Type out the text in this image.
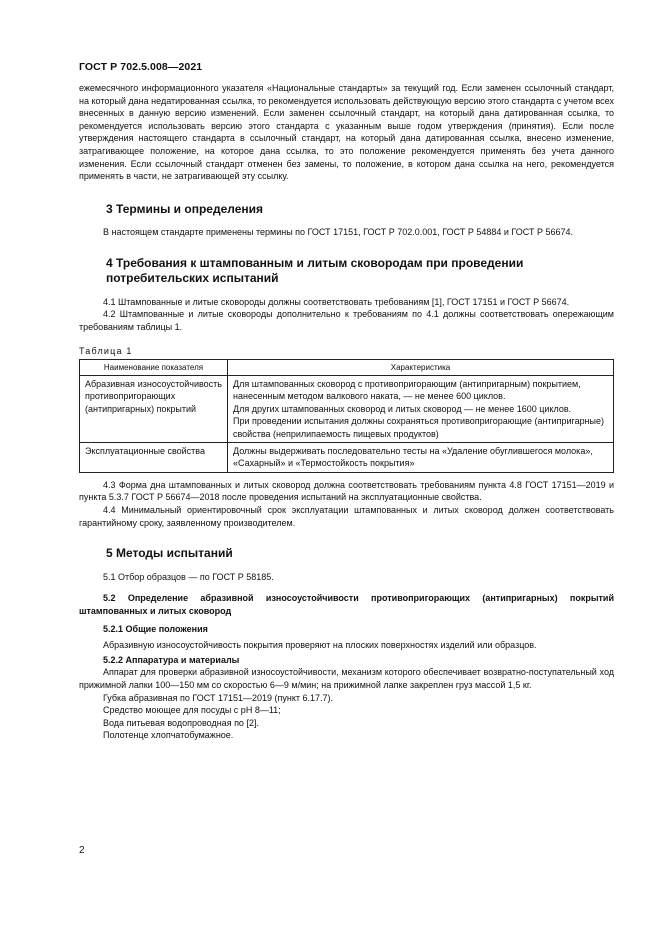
ГОСТ Р 702.5.008—2021

ежемесячного информационного указателя «Национальные стандарты» за текущий год. Если заменен ссылочный стандарт, на который дана недатированная ссылка, то рекомендуется использовать действующую версию этого стандарта с учетом всех внесенных в данную версию изменений. Если заменен ссылочный стандарт, на который дана датированная ссылка, то рекомендуется использовать версию этого стандарта с указанным выше годом утверждения (принятия). Если после утверждения настоящего стандарта в ссылочный стандарт, на который дана датированная ссылка, внесено изменение, затрагивающее положение, на которое дана ссылка, то это положение рекомендуется применять без учета данного изменения. Если ссылочный стандарт отменен без замены, то положение, в котором дана ссылка на него, рекомендуется применять в части, не затрагивающей эту ссылку.

3 Термины и определения

В настоящем стандарте применены термины по ГОСТ 17151, ГОСТ Р 702.0.001, ГОСТ Р 54884 и ГОСТ Р 56674.

4 Требования к штампованным и литым сковородам при проведении потребительских испытаний

4.1 Штампованные и литые сковороды должны соответствовать требованиям [1], ГОСТ 17151 и ГОСТ Р 56674.

4.2 Штампованные и литые сковороды дополнительно к требованиям по 4.1 должны соответствовать опережающим требованиям таблицы 1.

Таблица 1
Наименование показателя	Характеристика
Абразивная износоустойчивость противопригорающих (антипригарных) покрытий	Для штампованных сковород с противопригорающим (антипригарным) покрытием, нанесенным методом валкового наката, — не менее 600 циклов.
Для других штампованных сковород и литых сковород — не менее 1600 циклов.
При проведении испытания должны сохраняться противопригорающие (антипригарные) свойства (неприлипаемость пищевых продуктов)

Эксплуатационные свойства	Должны выдерживать последовательно тесты на «Удаление обуглившегося молока», «Сахарный» и «Термостойкость покрытия»

4.3 Форма дна штампованных и литых сковород должна соответствовать требованиям пункта 4.8 ГОСТ 17151—2019 и пункта 5.3.7 ГОСТ Р 56674—2018 после проведения испытаний на эксплуатационные свойства.

4.4 Минимальный ориентировочный срок эксплуатации штампованных и литых сковород должен соответствовать гарантийному сроку, заявленному производителем.

5 Методы испытаний

5.1 Отбор образцов — по ГОСТ Р 58185.

5.2 Определение абразивной износоустойчивости противопригорающих (антипригарных) покрытий штампованных и литых сковород
5.2.1 Общие положения

Абразивную износоустойчивость покрытия проверяют на плоских поверхностях изделий или образцов.

5.2.2 Аппаратура и материалы

Аппарат для проверки абразивной износоустойчивости, механизм которого обеспечивает возвратно-поступательный ход прижимной лапки 100—150 мм со скоростью 6—9 м/мин; на прижимной лапке закреплен груз массой 1,5 кг.

Губка абразивная по ГОСТ 17151—2019 (пункт 6.17.7).

Средство моющее для посуды с pH 8—11;

Вода питьевая водопроводная по [2].

Полотенце хлопчатобумажное.

2
